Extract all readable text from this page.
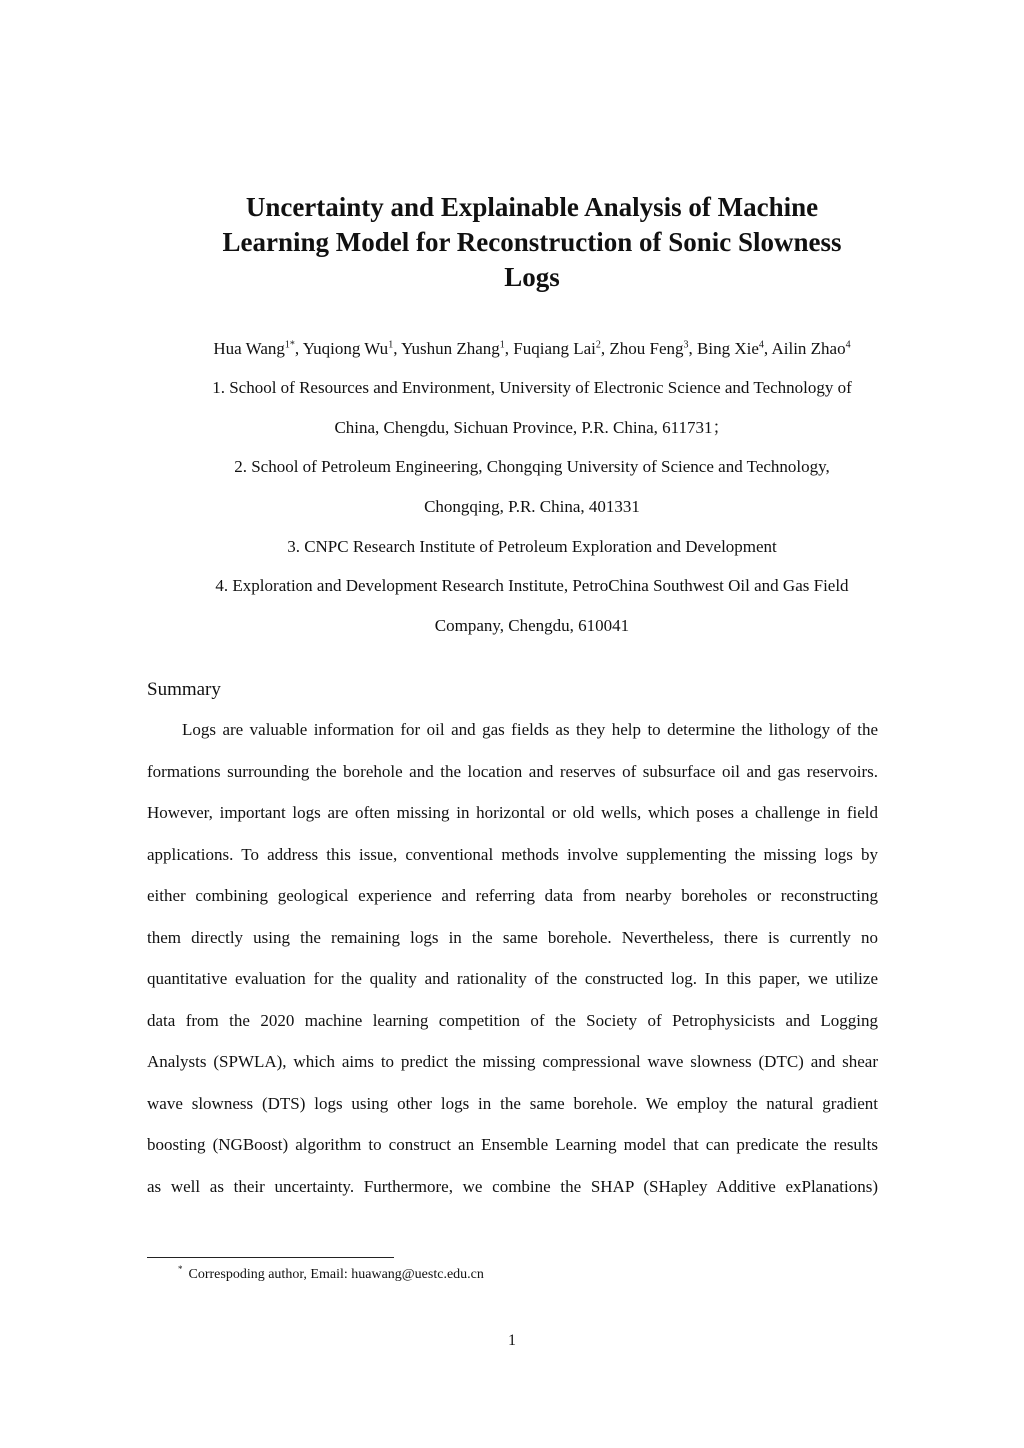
Uncertainty and Explainable Analysis of Machine
Learning Model for Reconstruction of Sonic Slowness
Logs

Hua Wang$^{1*}$, Yuqiong Wu$^1$, Yushun Zhang$^1$, Fuqiang Lai$^2$, Zhou Feng$^3$, Bing Xie$^4$, Ailin Zhao$^4$

1. School of Resources and Environment, University of Electronic Science and Technology of

China, Chengdu, Sichuan Province, P.R. China, 611731；

2. School of Petroleum Engineering, Chongqing University of Science and Technology,

Chongqing, P.R. China, 401331

3. CNPC Research Institute of Petroleum Exploration and Development

4. Exploration and Development Research Institute, PetroChina Southwest Oil and Gas Field

Company, Chengdu, 610041

Summary
Logs are valuable information for oil and gas fields as they help to determine the lithology of the
formations surrounding the borehole and the location and reserves of subsurface oil and gas reservoirs.
However, important logs are often missing in horizontal or old wells, which poses a challenge in field
applications. To address this issue, conventional methods involve supplementing the missing logs by
either combining geological experience and referring data from nearby boreholes or reconstructing
them directly using the remaining logs in the same borehole. Nevertheless, there is currently no
quantitative evaluation for the quality and rationality of the constructed log. In this paper, we utilize
data from the 2020 machine learning competition of the Society of Petrophysicists and Logging
Analysts (SPWLA), which aims to predict the missing compressional wave slowness (DTC) and shear
wave slowness (DTS) logs using other logs in the same borehole. We employ the natural gradient
boosting (NGBoost) algorithm to construct an Ensemble Learning model that can predicate the results
as well as their uncertainty. Furthermore, we combine the SHAP (SHapley Additive exPlanations)
* Correspoding author, Email: huawang@uestc.edu.cn
1
